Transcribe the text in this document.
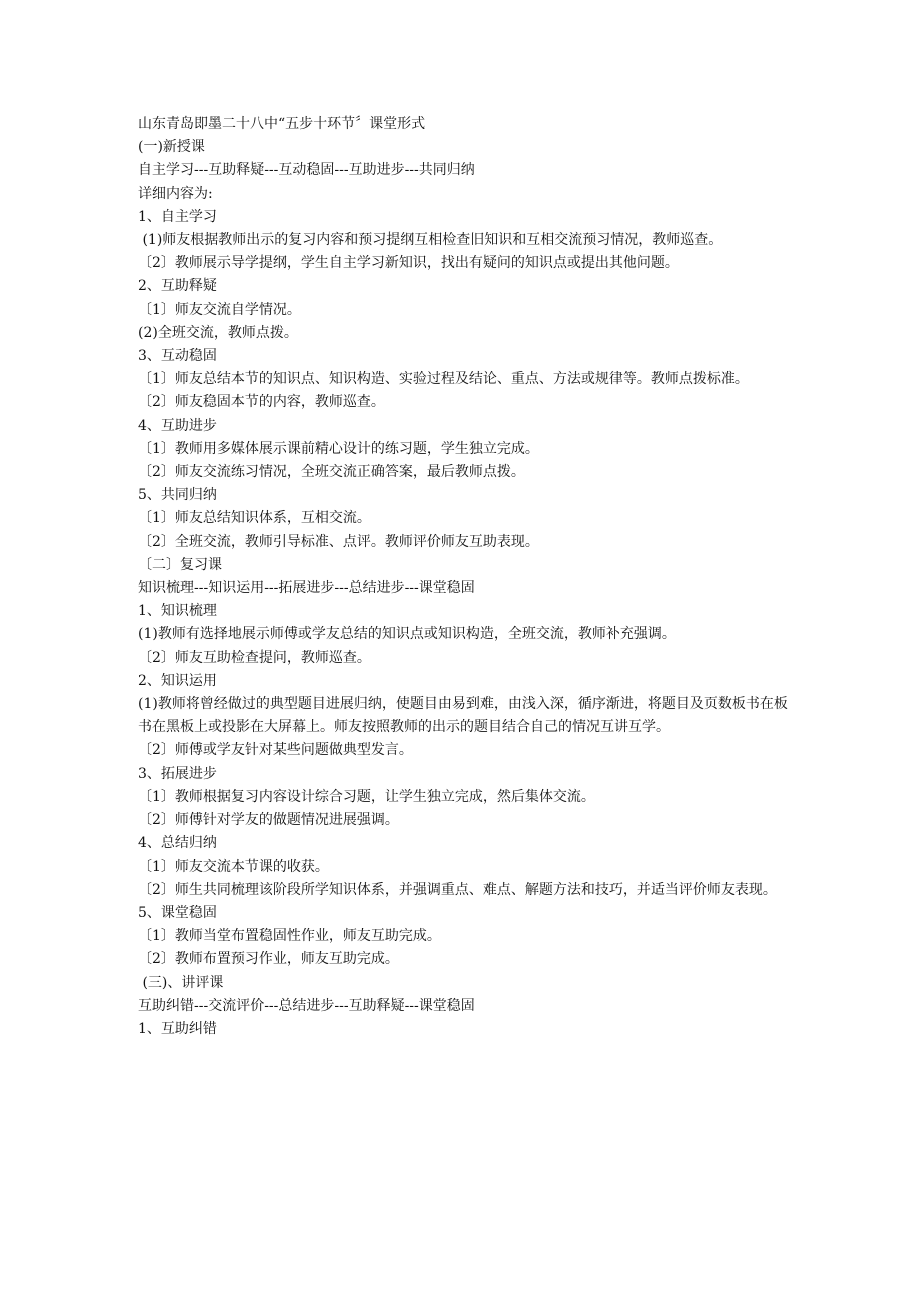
山东青岛即墨二十八中“五步十环节〞课堂形式

(一)新授课

自主学习---互助释疑---互动稳固---互助进步---共同归纳

详细内容为:

1、自主学习

(1)师友根据教师出示的复习内容和预习提纲互相检查旧知识和互相交流预习情况，教师巡查。

〔2〕教师展示导学提纲，学生自主学习新知识，找出有疑问的知识点或提出其他问题。

2、互助释疑

〔1〕师友交流自学情况。

(2)全班交流，教师点拨。

3、互动稳固

〔1〕师友总结本节的知识点、知识构造、实验过程及结论、重点、方法或规律等。教师点拨标准。

〔2〕师友稳固本节的内容，教师巡查。

4、互助进步

〔1〕教师用多媒体展示课前精心设计的练习题，学生独立完成。

〔2〕师友交流练习情况，全班交流正确答案，最后教师点拨。

5、共同归纳

〔1〕师友总结知识体系，互相交流。

〔2〕全班交流，教师引导标准、点评。教师评价师友互助表现。

〔二〕复习课

知识梳理---知识运用---拓展进步---总结进步---课堂稳固

1、知识梳理

(1)教师有选择地展示师傅或学友总结的知识点或知识构造，全班交流，教师补充强调。

〔2〕师友互助检查提问，教师巡查。

2、知识运用

(1)教师将曾经做过的典型题目进展归纳，使题目由易到难，由浅入深，循序渐进，将题目及页数板书在板书在黑板上或投影在大屏幕上。师友按照教师的出示的题目结合自己的情况互讲互学。

〔2〕师傅或学友针对某些问题做典型发言。

3、拓展进步

〔1〕教师根据复习内容设计综合习题，让学生独立完成，然后集体交流。

〔2〕师傅针对学友的做题情况进展强调。

4、总结归纳

〔1〕师友交流本节课的收获。

〔2〕师生共同梳理该阶段所学知识体系，并强调重点、难点、解题方法和技巧，并适当评价师友表现。

5、课堂稳固

〔1〕教师当堂布置稳固性作业，师友互助完成。

〔2〕教师布置预习作业，师友互助完成。

(三)、讲评课

互助纠错---交流评价---总结进步---互助释疑---课堂稳固

1、互助纠错
